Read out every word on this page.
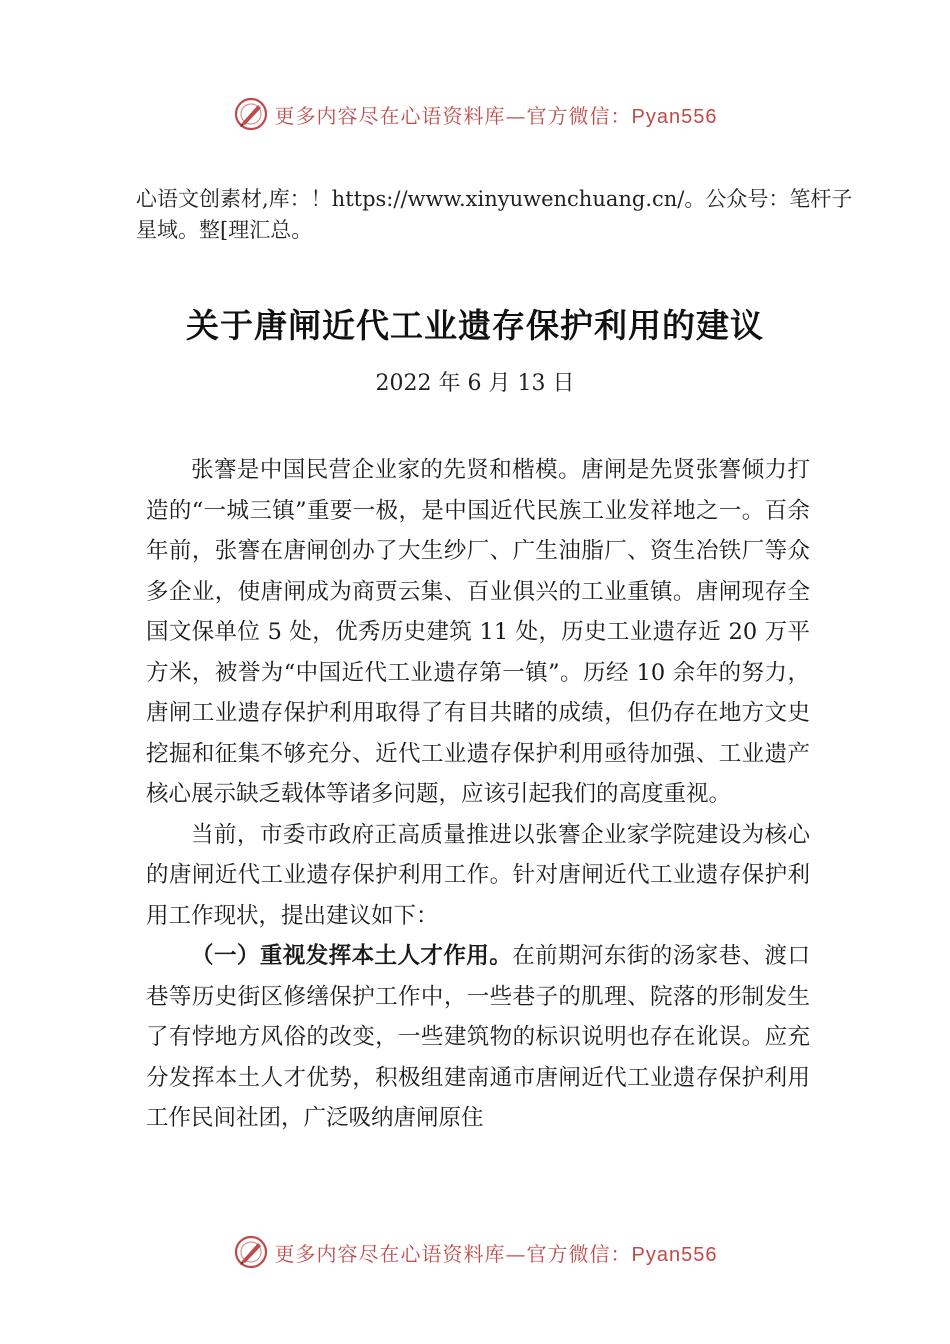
更多内容尽在心语资料库—官方微信：Pyan556
心语文创素材,库：！https://www.xinyuwenchuang.cn/。公众号：笔杆子星域。整[理汇总。
关于唐闸近代工业遗存保护利用的建议
2022 年 6 月 13 日

张謇是中国民营企业家的先贤和楷模。唐闸是先贤张謇倾力打造的“一城三镇”重要一极，是中国近代民族工业发祥地之一。百余年前，张謇在唐闸创办了大生纱厂、广生油脂厂、资生冶铁厂等众多企业，使唐闸成为商贾云集、百业俱兴的工业重镇。唐闸现存全国文保单位 5 处，优秀历史建筑 11 处，历史工业遗存近 20 万平方米，被誉为“中国近代工业遗存第一镇”。历经 10 余年的努力，唐闸工业遗存保护利用取得了有目共睹的成绩，但仍存在地方文史挖掘和征集不够充分、近代工业遗存保护利用亟待加强、工业遗产核心展示缺乏载体等诸多问题，应该引起我们的高度重视。

当前，市委市政府正高质量推进以张謇企业家学院建设为核心的唐闸近代工业遗存保护利用工作。针对唐闸近代工业遗存保护利用工作现状，提出建议如下：

（一）重视发挥本土人才作用。在前期河东街的汤家巷、渡口巷等历史街区修缮保护工作中，一些巷子的肌理、院落的形制发生了有悖地方风俗的改变，一些建筑物的标识说明也存在讹误。应充分发挥本土人才优势，积极组建南通市唐闸近代工业遗存保护利用工作民间社团，广泛吸纳唐闸原住

更多内容尽在心语资料库—官方微信：Pyan556
